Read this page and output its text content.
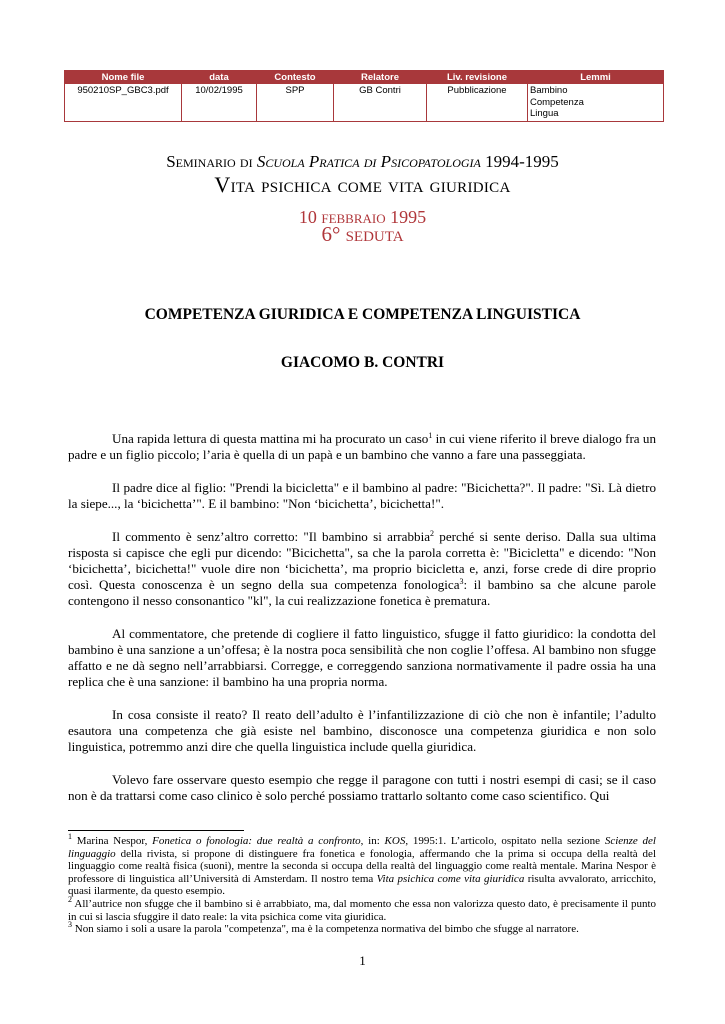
Nome file	data	Contesto	Relatore	Liv. revisione	Lemmi
950210SP_GBC3.pdf	10/02/1995	SPP	GB Contri	Pubblicazione	Bambino
Competenza
Lingua
Seminario di Scuola Pratica di Psicopatologia 1994-1995
Vita psichica come vita giuridica
10 febbraio 1995
6° seduta
COMPETENZA GIURIDICA E COMPETENZA LINGUISTICA
GIACOMO B. CONTRI

Una rapida lettura di questa mattina mi ha procurato un caso$^1$ in cui viene riferito il breve dialogo fra un padre e un figlio piccolo; l’aria è quella di un papà e un bambino che vanno a fare una passeggiata.

Il padre dice al figlio: "Prendi la bicicletta" e il bambino al padre: "Bicichetta?". Il padre: "Sì. Là dietro la siepe..., la ‘bicichetta’". E il bambino: "Non ‘bicichetta’, bicichetta!".

Il commento è senz’altro corretto: "Il bambino si arrabbia$^2$ perché si sente deriso. Dalla sua ultima risposta si capisce che egli pur dicendo: "Bicichetta", sa che la parola corretta è: "Bicicletta" e dicendo: "Non ‘bicichetta’, bicichetta!" vuole dire non ‘bicichetta’, ma proprio bicicletta e, anzi, forse crede di dire proprio così. Questa conoscenza è un segno della sua competenza fonologica$^3$: il bambino sa che alcune parole contengono il nesso consonantico "kl", la cui realizzazione fonetica è prematura.

Al commentatore, che pretende di cogliere il fatto linguistico, sfugge il fatto giuridico: la condotta del bambino è una sanzione a un’offesa; è la nostra poca sensibilità che non coglie l’offesa. Al bambino non sfugge affatto e ne dà segno nell’arrabbiarsi. Corregge, e correggendo sanziona normativamente il padre ossia ha una replica che è una sanzione: il bambino ha una propria norma.

In cosa consiste il reato? Il reato dell’adulto è l’infantilizzazione di ciò che non è infantile; l’adulto esautora una competenza che già esiste nel bambino, disconosce una competenza giuridica e non solo linguistica, potremmo anzi dire che quella linguistica include quella giuridica.

Volevo fare osservare questo esempio che regge il paragone con tutti i nostri esempi di casi; se il caso non è da trattarsi come caso clinico è solo perché possiamo trattarlo soltanto come caso scientifico. Qui

$^1$ Marina Nespor, Fonetica o fonologia: due realtà a confronto, in: KOS, 1995:1. L’articolo, ospitato nella sezione Scienze del linguaggio della rivista, si propone di distinguere fra fonetica e fonologia, affermando che la prima si occupa della realtà del linguaggio come realtà fisica (suoni), mentre la seconda si occupa della realtà del linguaggio come realtà mentale. Marina Nespor è professore di linguistica all’Università di Amsterdam. Il nostro tema Vita psichica come vita giuridica risulta avvalorato, arricchito, quasi ilarmente, da questo esempio.

$^2$ All’autrice non sfugge che il bambino si è arrabbiato, ma, dal momento che essa non valorizza questo dato, è precisamente il punto in cui si lascia sfuggire il dato reale: la vita psichica come vita giuridica.

$^3$ Non siamo i soli a usare la parola "competenza", ma è la competenza normativa del bimbo che sfugge al narratore.

1
